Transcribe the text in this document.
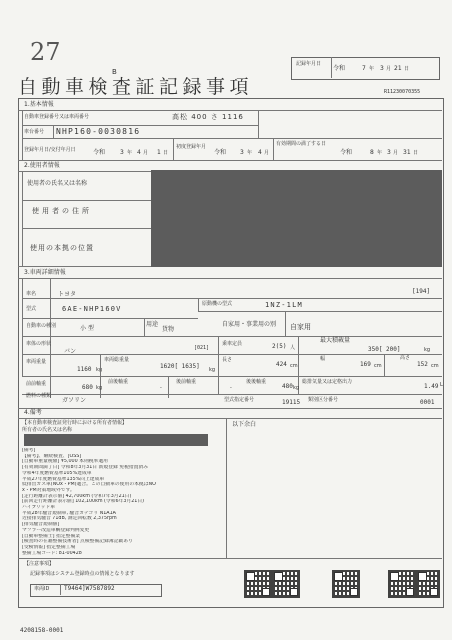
27
B
自動車検査証記録事項
記録年月日
令和	7 年 3 月 21 日
R11230070355
1.基本情報
自動車登録番号又は車両番号	高松 400 さ 1116
車台番号 NHP160-0030816
登録年月日/交付年月日	令和 3 年 4 月 1 日
初度登録年月
令和 3 年 4 月
有効期間の満了する日
令和	8 年 3 月 31 日
2.使用者情報
使用者の氏名又は名称
使用者の住所
使用の本拠の位置
3.車両詳細情報
車名	トヨタ	[194]
型式	6AE-NHP160V
原動機の型式	1NZ-1LM
自動車の種別	小 型
用途
貨物
自家用・事業用の別 自家用
車体の形状
バン	[021]
乗車定員	2(5) 人
最大積載量
350[ 200]	kg
車両重量
1160 kg
車両総重量
1620[ 1635] kg
長さ
424 cm
幅
169 cm
高さ
152 cm
前前軸重	680 kg
前後軸重
-
後前軸重
-
後後軸重
480 kg
総排気量又は定格出力
1.49 L
燃料の種類
ガソリン	型式指定番号	19115 類別区分番号	0001
4.備考
【本自動車検査証発行時における所有者情報】
所有者の氏名又は名称
以下余白
[備考]
【備考】、継続検査、[OSS]
[自動車重量税額] ¥5,000 本則税率適用
[有効期間満了日] 令和8年3月31日 新規登録 免税措置済み
令和4年度燃費基準105%達成車
平成27年度燃費基準135%向上達成車
低排出ガス車(NOx・PM)適合。この自動車の使用の本拠はNO
x・PM対策地域外です。
[走行距離計表示値] 42,700km (令和7年3月21日)
[前回走行距離計表示値] 102,100km (令和6年3月21日)
ハイブリッド車
平成28年騒音規制車, 騒音カテゴリ N1A1A
近接排気騒音 71dB, 測定回転数 2,375rpm
[排気騒音規制値]
マフラー改造車輌登録判例変更
[自動車整備士] 指定整備業
[検査時の在籍整備技術者] 点検整備記録簿記載あり
[受検情報] 指定整備工場
整備工場コード: 81-00428
【注意事項】
記録事項はシステム登録時点の情報となります
車両ID T9464]W7587892
4208158-0001
